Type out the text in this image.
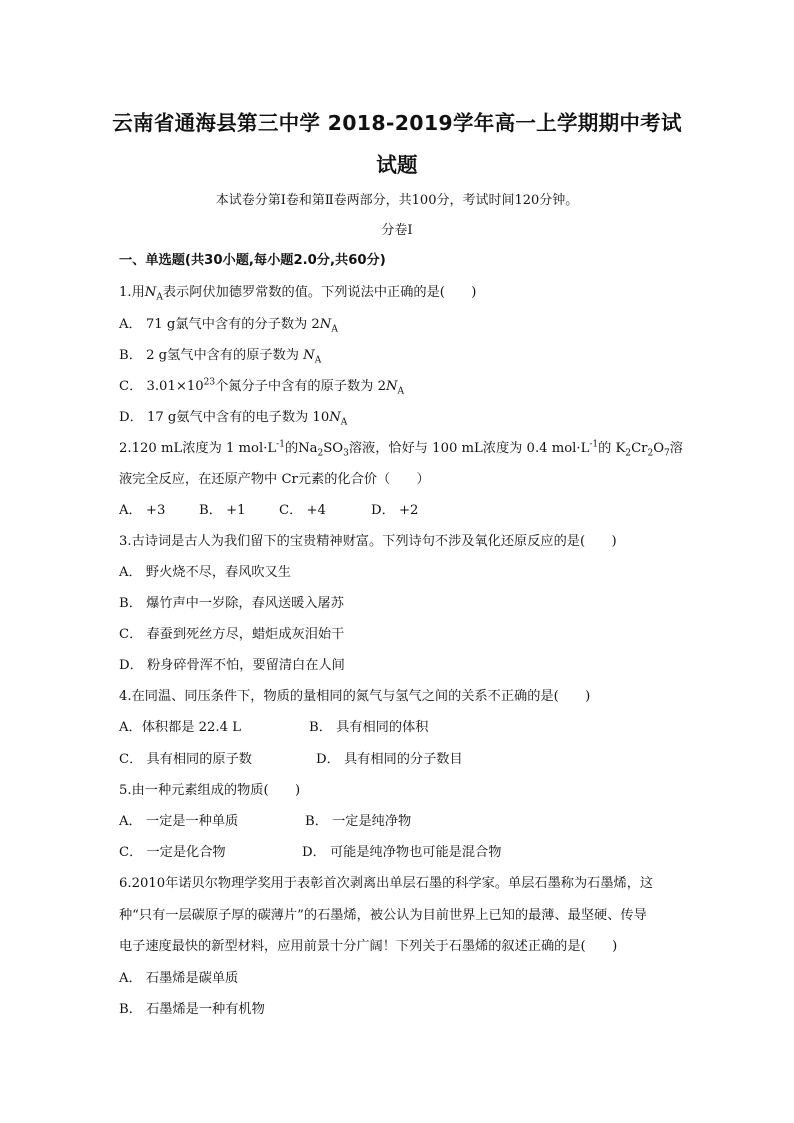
云南省通海县第三中学 2018-2019学年高一上学期期中考试
试题
本试卷分第Ⅰ卷和第Ⅱ卷两部分，共100分，考试时间120分钟。
分卷I
一、单选题(共30小题,每小题2.0分,共60分)
1.用$N_A$表示阿伏加德罗常数的值。下列说法中正确的是(　　)
A． 71 g氯气中含有的分子数为 $2N_A$
B． 2 g氢气中含有的原子数为 $N_A$
C． $3.01\times 10^{23}$个氮分子中含有的原子数为 $2N_A$
D． 17 g氨气中含有的电子数为 $10N_A$
2.120 mL浓度为 1 $mol\cdot L^{-1}$的$Na_2SO_3$溶液，恰好与 100 mL浓度为 0.4 $mol\cdot L^{-1}$的 $K_2Cr_2O_7$溶
液完全反应，在还原产物中 Cr元素的化合价（　　）
A． +3	B． +1	C． +4	D． +2
3.古诗词是古人为我们留下的宝贵精神财富。下列诗句不涉及氧化还原反应的是(　　)
A． 野火烧不尽，春风吹又生
B． 爆竹声中一岁除，春风送暖入屠苏
C． 春蚕到死丝方尽，蜡炬成灰泪始干
D． 粉身碎骨浑不怕，要留清白在人间
4.在同温、同压条件下，物质的量相同的氮气与氢气之间的关系不正确的是(　　)
A．体积都是 22.4 L	B． 具有相同的体积
C． 具有相同的原子数	D． 具有相同的分子数目
5.由一种元素组成的物质(　　)
A． 一定是一种单质	B． 一定是纯净物
C． 一定是化合物	D． 可能是纯净物也可能是混合物
6.2010年诺贝尔物理学奖用于表彰首次剥离出单层石墨的科学家。单层石墨称为石墨烯，这
种“只有一层碳原子厚的碳薄片”的石墨烯，被公认为目前世界上已知的最薄、最坚硬、传导
电子速度最快的新型材料，应用前景十分广阔！下列关于石墨烯的叙述正确的是(　　)
A． 石墨烯是碳单质
B． 石墨烯是一种有机物
